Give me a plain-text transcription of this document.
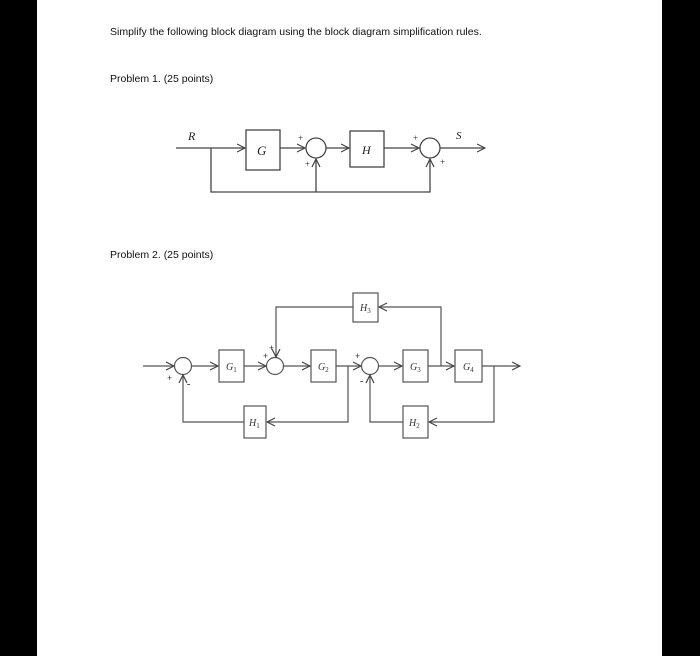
Simplify the following block diagram using the block diagram simplification rules.
Problem 1. (25 points)
Problem 2. (25 points)
R
G	H
S
+
+
+
+
$G_1$	$G_2$	$G_3$	$G_4$
$H_3$
$H_1$	$H_2$
+
-
+
+
+
-
